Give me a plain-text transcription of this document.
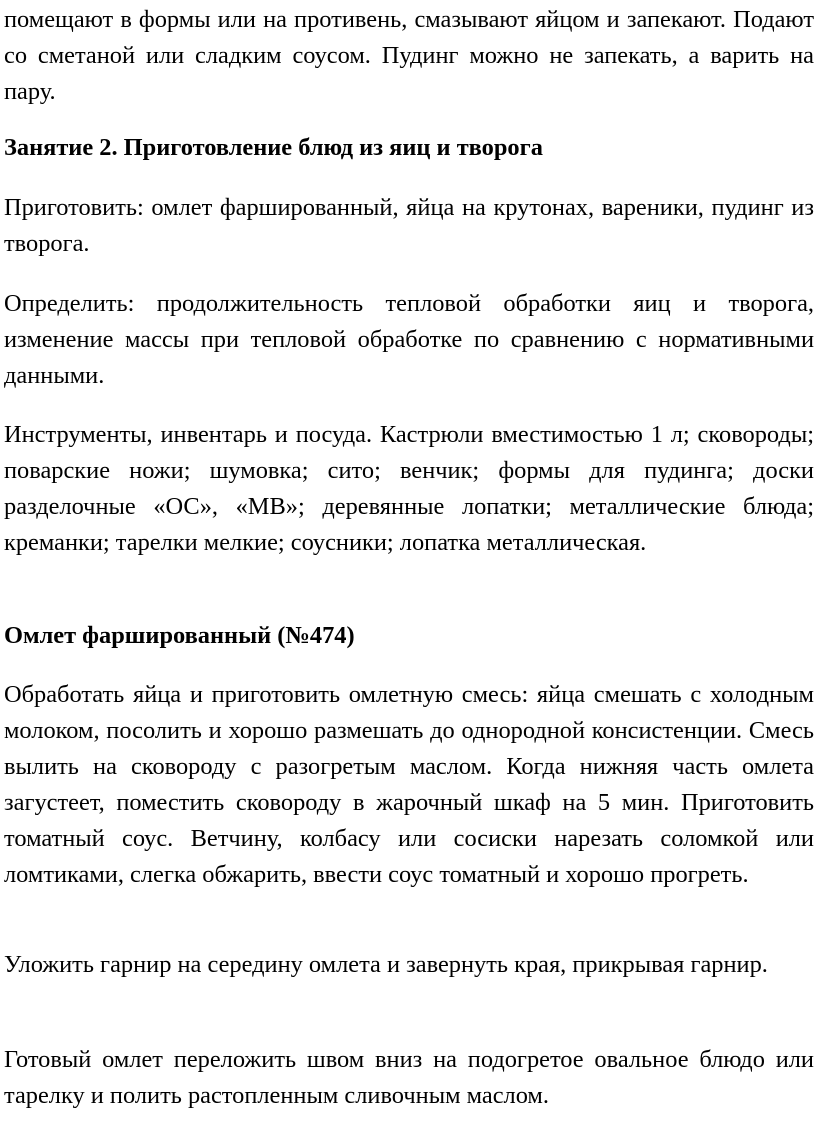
помещают в формы или на противень, смазывают яйцом и запекают. Подают со сметаной или сладким соусом. Пудинг можно не запекать, а варить на пару.

Занятие 2. Приготовление блюд из яиц и творога

Приготовить: омлет фаршированный, яйца на крутонах, вареники, пудинг из творога.

Определить: продолжительность тепловой обработки яиц и творога, изменение массы при тепловой обработке по сравнению с нормативными данными.

Инструменты, инвентарь и посуда. Кастрюли вместимостью 1 л; сковороды; поварские ножи; шумовка; сито; венчик; формы для пудинга; доски разделочные «ОС», «МВ»; деревянные лопатки; металлические блюда; креманки; тарелки мелкие; соусники; лопатка металлическая.

Омлет фаршированный (№474)

Обработать яйца и приготовить омлетную смесь: яйца смешать с холодным молоком, посолить и хорошо размешать до однородной консистенции. Смесь вылить на сковороду с разогретым маслом. Когда нижняя часть омлета загустеет, поместить сковороду в жарочный шкаф на 5 мин. Приготовить томатный соус. Ветчину, колбасу или сосиски нарезать соломкой или ломтиками, слегка обжарить, ввести соус томатный и хорошо прогреть.

Уложить гарнир на середину омлета и завернуть края, прикрывая гарнир.

Готовый омлет переложить швом вниз на подогретое овальное блюдо или тарелку и полить растопленным сливочным маслом.
